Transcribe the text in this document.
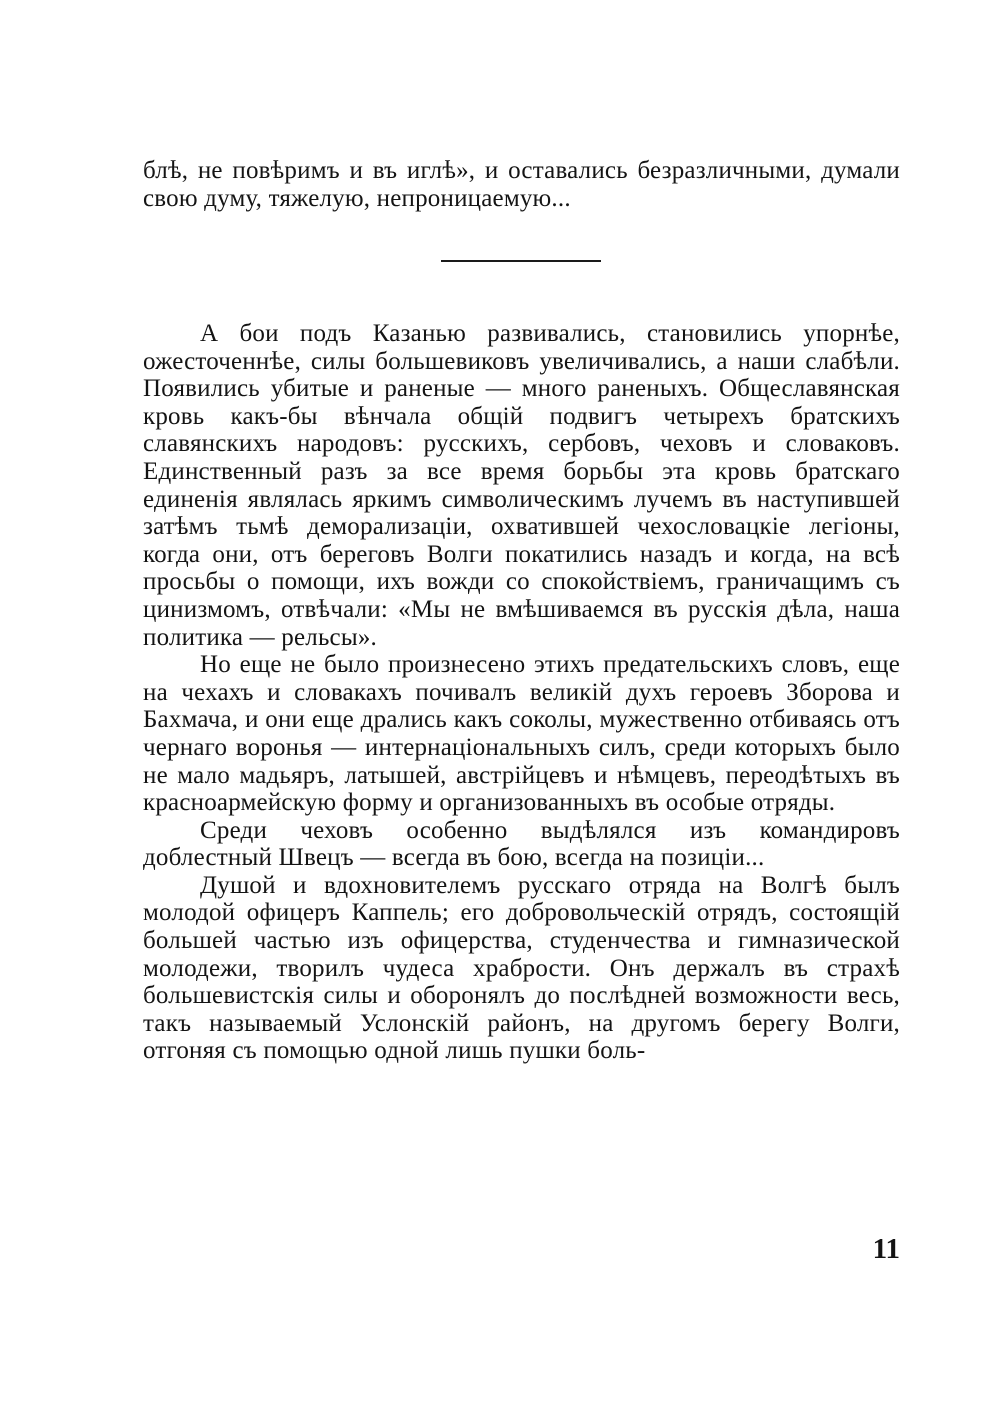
блѣ, не повѣримъ и въ иглѣ», и оставались безразличными, думали свою думу, тяжелую, непроницаемую...

А бои подъ Казанью развивались, становились упорнѣе, ожесточеннѣе, силы большевиковъ увеличивались, а наши слабѣли. Появились убитые и раненые — много раненыхъ. Общеславянская кровь какъ-бы вѣнчала общій подвигъ четырехъ братскихъ славянскихъ народовъ: русскихъ, сербовъ, чеховъ и словаковъ. Единственный разъ за все время борьбы эта кровь братскаго единенія являлась яркимъ символическимъ лучемъ въ наступившей затѣмъ тьмѣ деморализаціи, охватившей чехословацкіе легіоны, когда они, отъ береговъ Волги покатились назадъ и когда, на всѣ просьбы о помощи, ихъ вожди со спокойствіемъ, граничащимъ съ цинизмомъ, отвѣчали: «Мы не вмѣшиваемся въ русскія дѣла, наша политика — рельсы».

Но еще не было произнесено этихъ предательскихъ словъ, еще на чехахъ и словакахъ почивалъ великій духъ героевъ Зборова и Бахмача, и они еще дрались какъ соколы, мужественно отбиваясь отъ чернаго воронья — интернаціональныхъ силъ, среди которыхъ было не мало мадьяръ, латышей, австрійцевъ и нѣмцевъ, переодѣтыхъ въ красноармейскую форму и организованныхъ въ особые отряды.

Среди чеховъ особенно выдѣлялся изъ командировъ доблестный Швецъ — всегда въ бою, всегда на позиціи...

Душой и вдохновителемъ русскаго отряда на Волгѣ былъ молодой офицеръ Каппель; его добровольческій отрядъ, состоящій большей частью изъ офицерства, студенчества и гимназической молодежи, творилъ чудеса храбрости. Онъ держалъ въ страхѣ большевистскія силы и оборонялъ до послѣдней возможности весь, такъ называемый Услонскій районъ, на другомъ берегу Волги, отгоняя съ помощью одной лишь пушки боль-

11
